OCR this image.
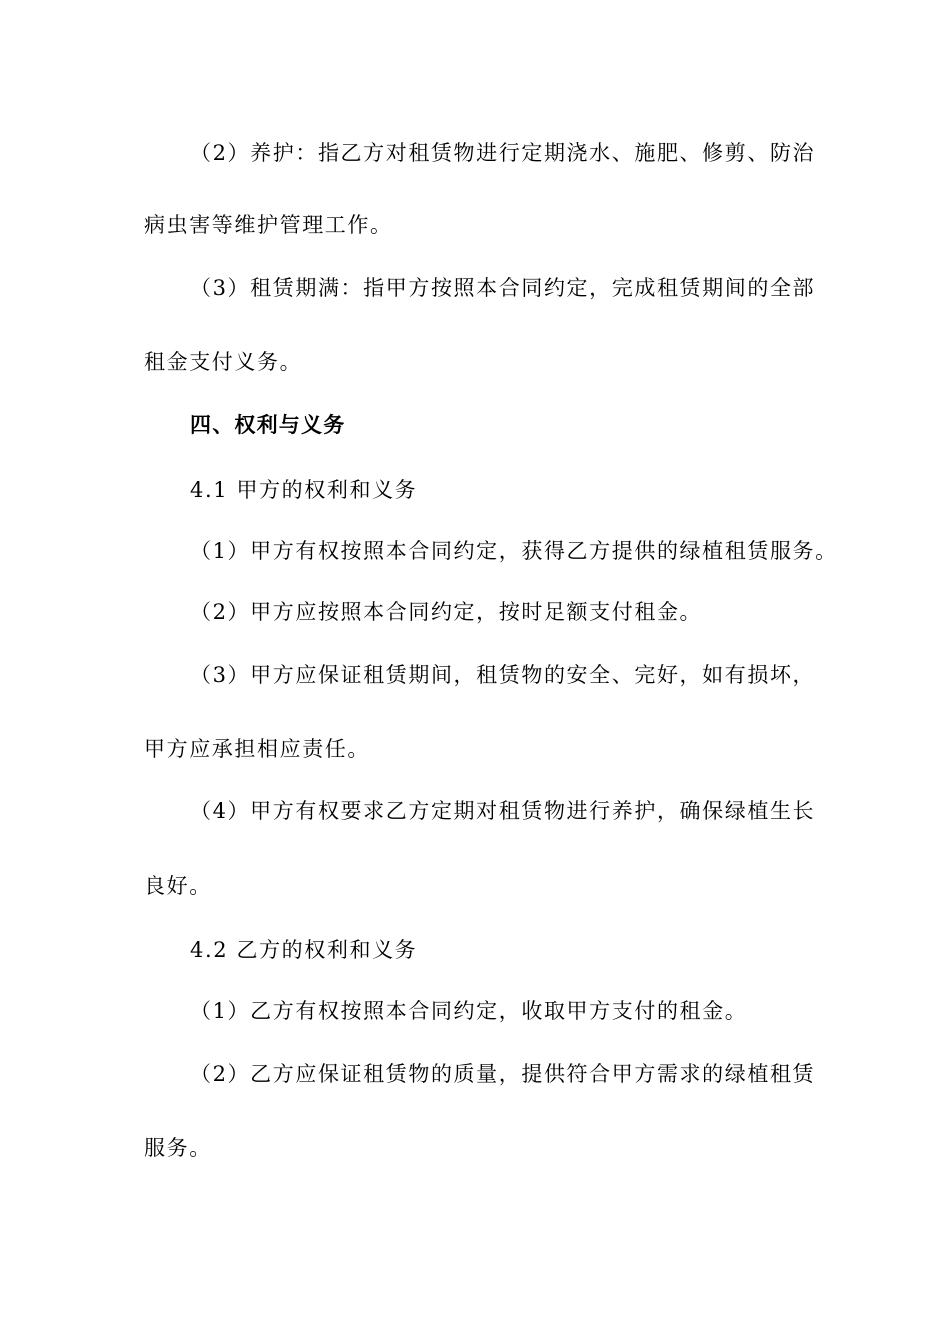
（2）养护：指乙方对租赁物进行定期浇水、施肥、修剪、防治
病虫害等维护管理工作。
（3）租赁期满：指甲方按照本合同约定，完成租赁期间的全部
租金支付义务。
四、权利与义务
4.1 甲方的权利和义务
（1）甲方有权按照本合同约定，获得乙方提供的绿植租赁服务。
（2）甲方应按照本合同约定，按时足额支付租金。
（3）甲方应保证租赁期间，租赁物的安全、完好，如有损坏，
甲方应承担相应责任。
（4）甲方有权要求乙方定期对租赁物进行养护，确保绿植生长
良好。
4.2 乙方的权利和义务
（1）乙方有权按照本合同约定，收取甲方支付的租金。
（2）乙方应保证租赁物的质量，提供符合甲方需求的绿植租赁
服务。
